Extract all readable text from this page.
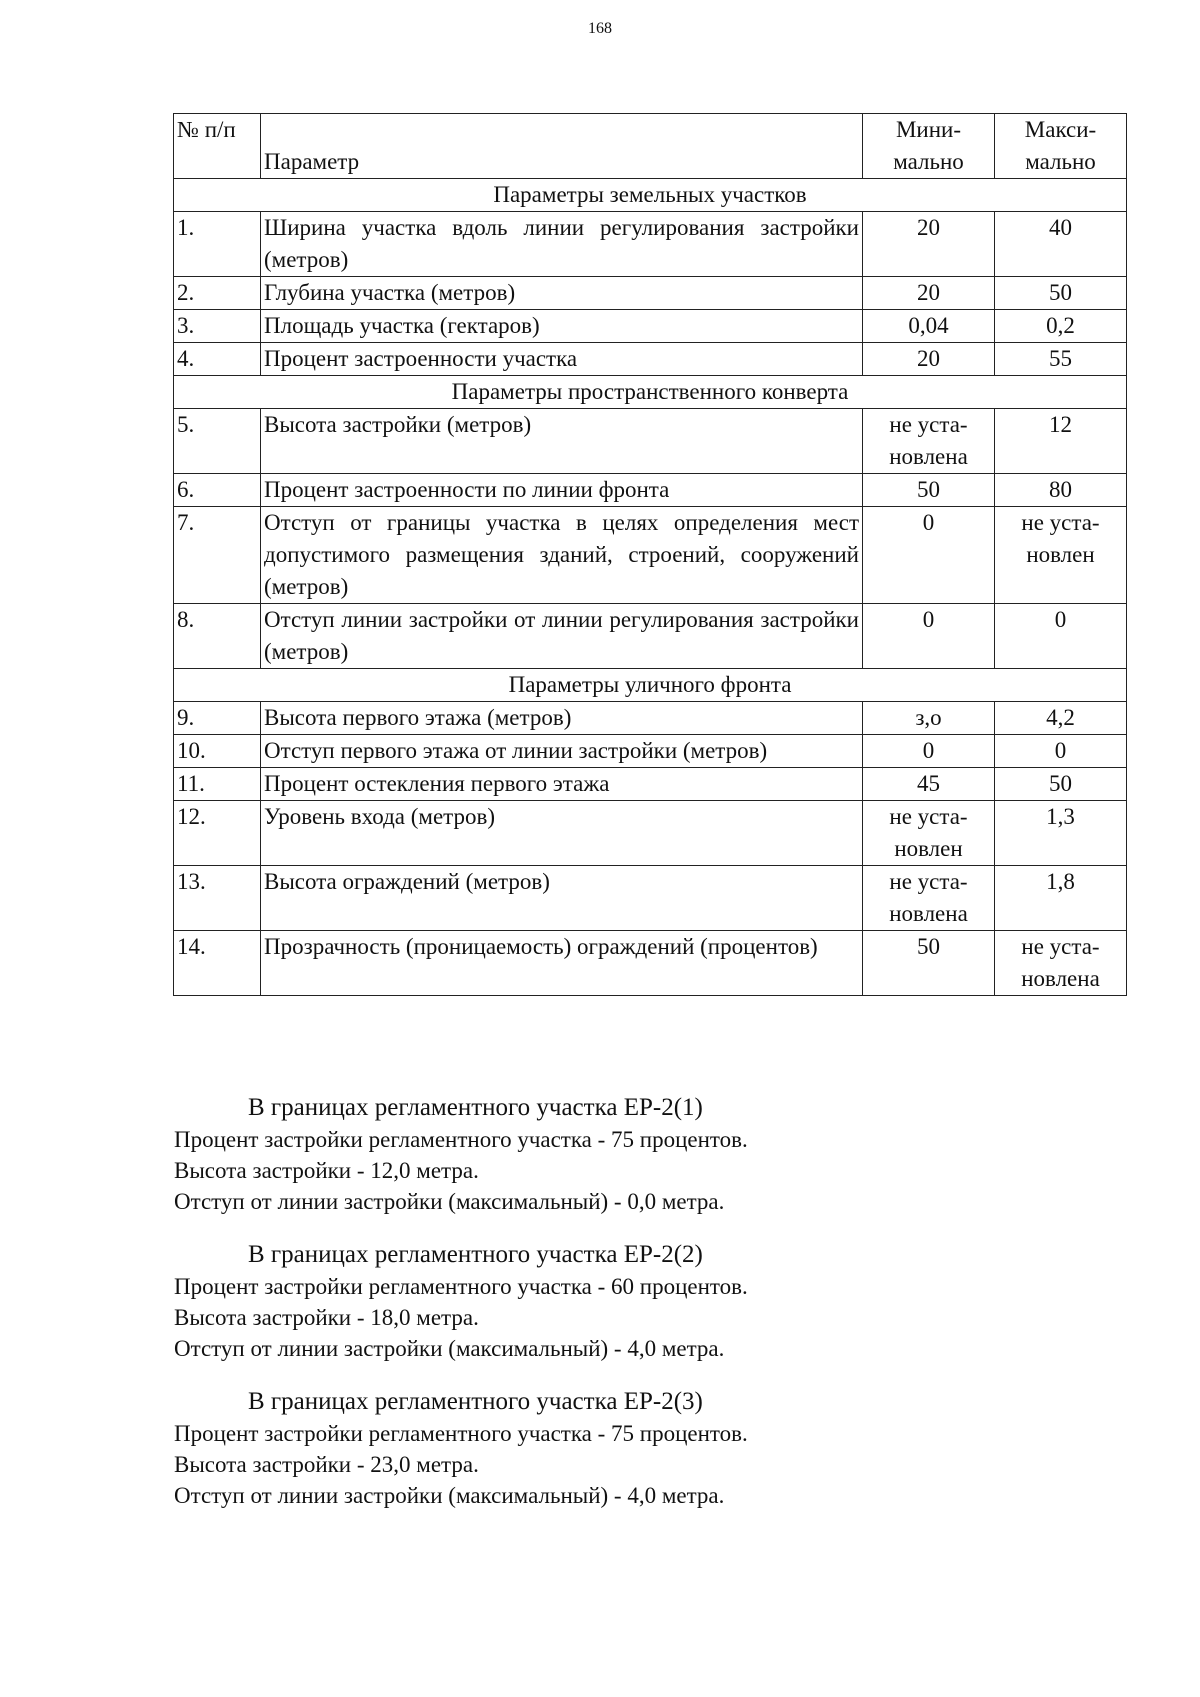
168
№ п/п	Параметр	Мини-мально	Макси-мально
Параметры земельных участков			
1.	Ширина участка вдоль линии регулирования застройки (метров)	20	40
2.	Глубина участка (метров)	20	50
3.	Площадь участка (гектаров)	0,04	0,2
4.	Процент застроенности участка	20	55
Параметры пространственного конверта			
5.	Высота застройки (метров)	не уста-новлена	12
6.	Процент застроенности по линии фронта	50	80
7.	Отступ от границы участка в целях определения мест допустимого размещения зданий, строений, сооружений (метров)	0	не уста-новлен
8.	Отступ линии застройки от линии регулирования застройки (метров)	0	0
Параметры уличного фронта			
9.	Высота первого этажа (метров)	з,о	4,2
10.	Отступ первого этажа от линии застройки (метров)	0	0
11.	Процент остекления первого этажа	45	50
12.	Уровень входа (метров)	не уста-новлен	1,3
13.	Высота ограждений (метров)	не уста-новлена	1,8
14.	Прозрачность (проницаемость) ограждений (процентов)	50	не уста-новлена
В границах регламентного участка ЕР-2(1)
Процент застройки регламентного участка - 75 процентов.
Высота застройки - 12,0 метра.
Отступ от линии застройки (максимальный) - 0,0 метра.
В границах регламентного участка ЕР-2(2)
Процент застройки регламентного участка - 60 процентов.
Высота застройки - 18,0 метра.
Отступ от линии застройки (максимальный) - 4,0 метра.
В границах регламентного участка ЕР-2(3)
Процент застройки регламентного участка - 75 процентов.
Высота застройки - 23,0 метра.
Отступ от линии застройки (максимальный) - 4,0 метра.
